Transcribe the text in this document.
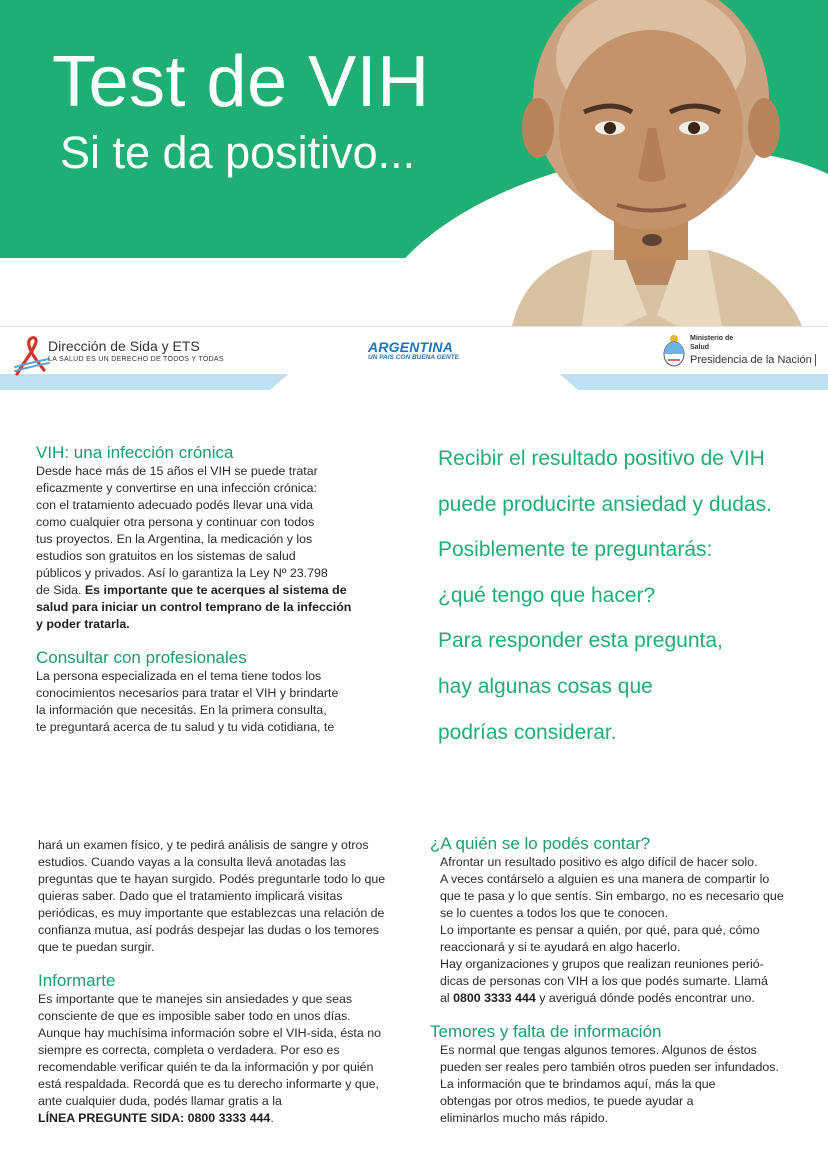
Test de VIH

Si te da positivo...

Dirección de Sida y ETS
LA SALUD ES UN DERECHO DE TODOS Y TODAS
ARGENTINA
UN PAIS CON BUENA GENTE
Ministerio de
Salud
Presidencia de la Nación
VIH: una infección crónica

Desde hace más de 15 años el VIH se puede tratar

eficazmente y convertirse en una infección crónica:

con el tratamiento adecuado podés llevar una vida

como cualquier otra persona y continuar con todos

tus proyectos. En la Argentina, la medicación y los

estudios son gratuitos en los sistemas de salud

públicos y privados. Así lo garantiza la Ley Nº 23.798

de Sida. Es importante que te acerques al sistema de

salud para iniciar un control temprano de la infección

y poder tratarla.

Consultar con profesionales

La persona especializada en el tema tiene todos los

conocimientos necesarios para tratar el VIH y brindarte

la información que necesitás. En la primera consulta,

te preguntará acerca de tu salud y tu vida cotidiana, te

Recibir el resultado positivo de VIH
puede producirte ansiedad y dudas.
Posiblemente te preguntarás:
¿qué tengo que hacer?
Para responder esta pregunta,
hay algunas cosas que
podrías considerar.

hará un examen físico, y te pedirá análisis de sangre y otros

estudios. Cuando vayas a la consulta llevá anotadas las

preguntas que te hayan surgido. Podés preguntarle todo lo que

quieras saber. Dado que el tratamiento implicará visitas

periódicas, es muy importante que establezcas una relación de

confianza mutua, así podrás despejar las dudas o los temores

que te puedan surgir.

Informarte

Es importante que te manejes sin ansiedades y que seas

consciente de que es imposible saber todo en unos días.

Aunque hay muchísima información sobre el VIH-sida, ésta no

siempre es correcta, completa o verdadera. Por eso es

recomendable verificar quién te da la información y por quién

está respaldada. Recordá que es tu derecho informarte y que,

ante cualquier duda, podés llamar gratis a la

LÍNEA PREGUNTE SIDA: 0800 3333 444.

¿A quién se lo podés contar?

Afrontar un resultado positivo es algo difícil de hacer solo.

A veces contárselo a alguien es una manera de compartir lo

que te pasa y lo que sentís. Sin embargo, no es necesario que

se lo cuentes a todos los que te conocen.

Lo importante es pensar a quién, por qué, para qué, cómo

reaccionará y si te ayudará en algo hacerlo.

Hay organizaciones y grupos que realizan reuniones perió-

dicas de personas con VIH a los que podés sumarte. Llamá

al 0800 3333 444 y averiguá dónde podés encontrar uno.

Temores y falta de información

Es normal que tengas algunos temores. Algunos de éstos

pueden ser reales pero también otros pueden ser infundados.

La información que te brindamos aquí, más la que

obtengas por otros medios, te puede ayudar a

eliminarlos mucho más rápido.
